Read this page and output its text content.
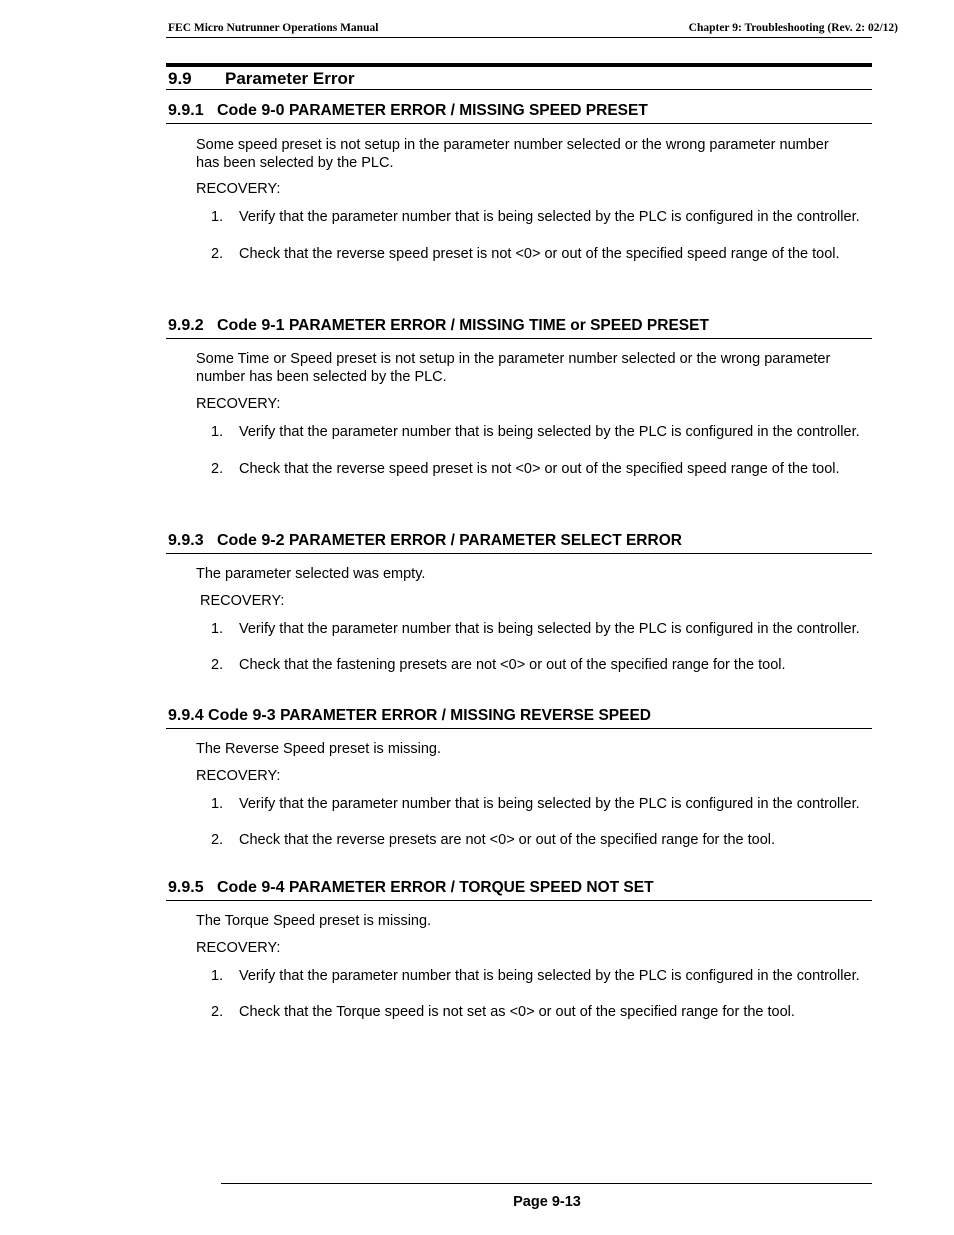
FEC Micro Nutrunner Operations Manual	Chapter 9: Troubleshooting (Rev. 2: 02/12)
9.9 Parameter Error
9.9.1 Code 9-0 PARAMETER ERROR / MISSING SPEED PRESET
Some speed preset is not setup in the parameter number selected or the wrong parameter number has been selected by the PLC.
RECOVERY:
1. Verify that the parameter number that is being selected by the PLC is configured in the controller.
2. Check that the reverse speed preset is not <0> or out of the specified speed range of the tool.
9.9.2 Code 9-1 PARAMETER ERROR / MISSING TIME or SPEED PRESET
Some Time or Speed preset is not setup in the parameter number selected or the wrong parameter number has been selected by the PLC.
RECOVERY:
1. Verify that the parameter number that is being selected by the PLC is configured in the controller.
2. Check that the reverse speed preset is not <0> or out of the specified speed range of the tool.
9.9.3 Code 9-2 PARAMETER ERROR / PARAMETER SELECT ERROR
The parameter selected was empty.
RECOVERY:
1. Verify that the parameter number that is being selected by the PLC is configured in the controller.
2. Check that the fastening presets are not <0> or out of the specified range for the tool.
9.9.4 Code 9-3 PARAMETER ERROR / MISSING REVERSE SPEED
The Reverse Speed preset is missing.
RECOVERY:
1. Verify that the parameter number that is being selected by the PLC is configured in the controller.
2. Check that the reverse presets are not <0> or out of the specified range for the tool.
9.9.5 Code 9-4 PARAMETER ERROR / TORQUE SPEED NOT SET
The Torque Speed preset is missing.
RECOVERY:
1. Verify that the parameter number that is being selected by the PLC is configured in the controller.
2. Check that the Torque speed is not set as <0> or out of the specified range for the tool.
Page 9-13
